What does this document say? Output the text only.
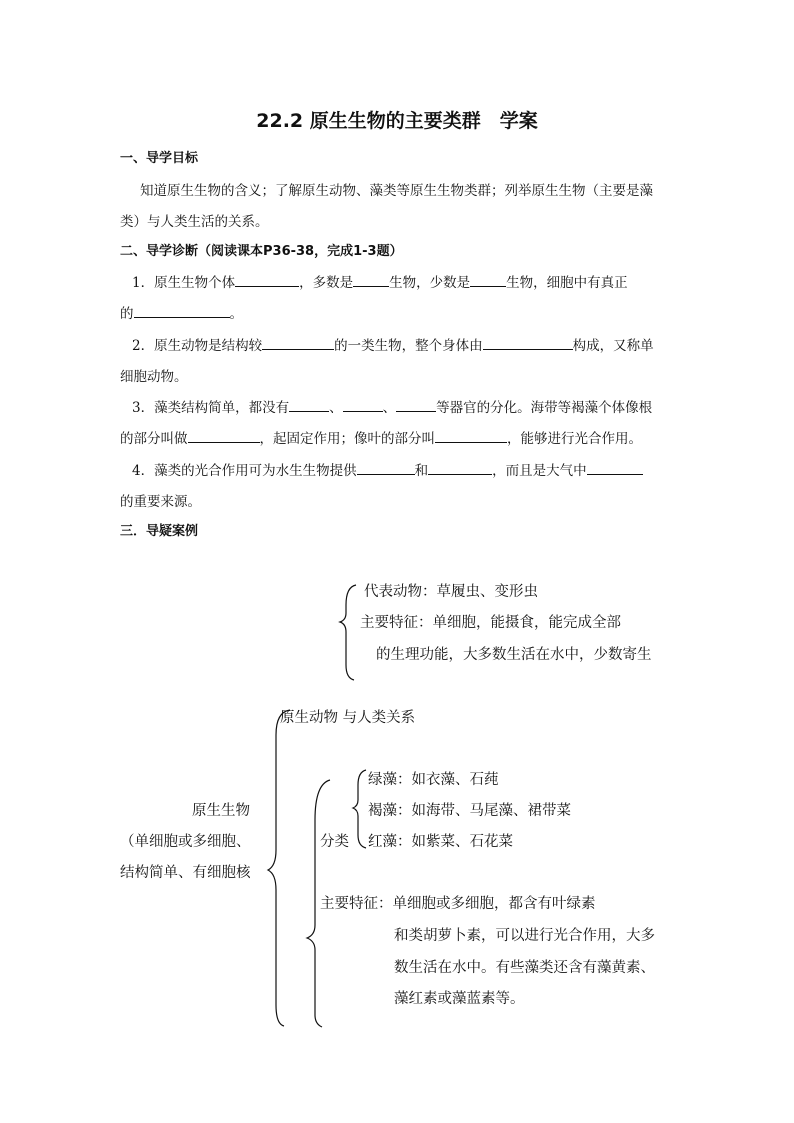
22.2 原生生物的主要类群　学案
一、导学目标
知道原生生物的含义；了解原生动物、藻类等原生生物类群；列举原生生物（主要是藻
类）与人类生活的关系。
二、导学诊断（阅读课本P36-38，完成1-3题）
1．原生生物个体	，多数是	生物，少数是	生物，细胞中有真正
的	。
2．原生动物是结构较	的一类生物，整个身体由	构成，又称单
细胞动物。
3．藻类结构简单，都没有	、	、	等器官的分化。海带等褐藻个体像根
的部分叫做	，起固定作用；像叶的部分叫	，能够进行光合作用。
4．藻类的光合作用可为水生生物提供	和	，而且是大气中
的重要来源。
三．导疑案例
代表动物：草履虫、变形虫
主要特征：单细胞，能摄食，能完成全部
的生理功能，大多数生活在水中，少数寄生
原生动物 与人类关系
原生生物
（单细胞或多细胞、
结构简单、有细胞核
分类
绿藻：如衣藻、石莼
褐藻：如海带、马尾藻、裙带菜
红藻：如紫菜、石花菜
主要特征：单细胞或多细胞，都含有叶绿素
和类胡萝卜素，可以进行光合作用，大多
数生活在水中。有些藻类还含有藻黄素、
藻红素或藻蓝素等。
